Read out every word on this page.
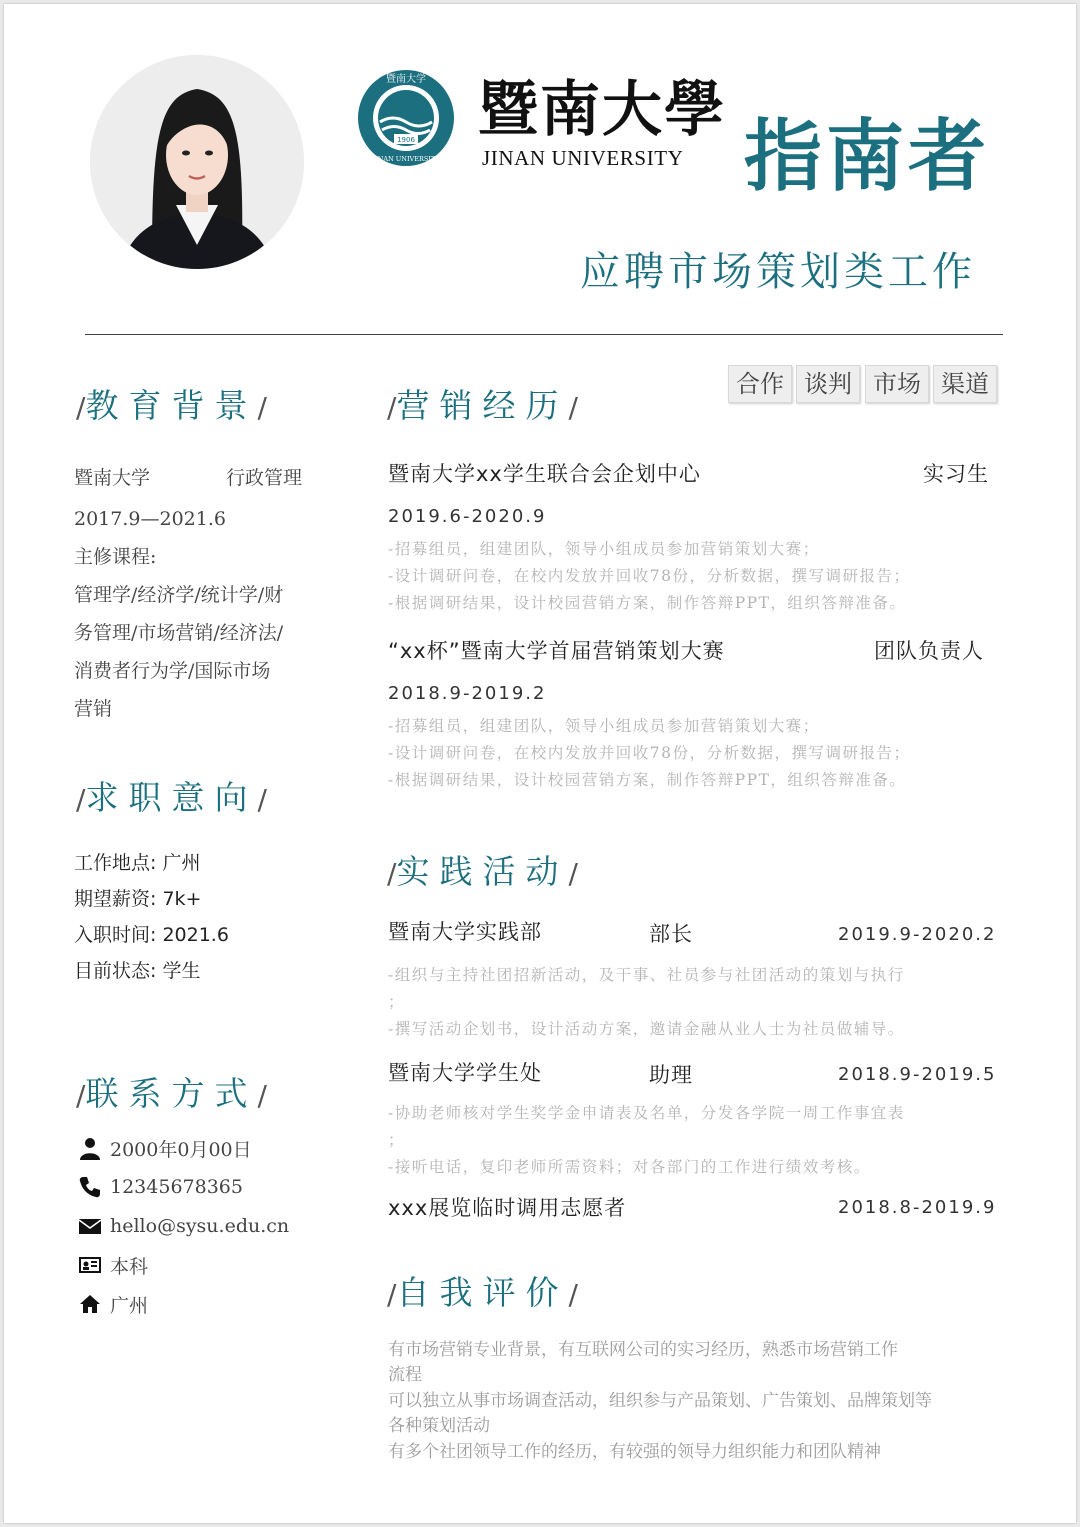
1906
暨南大学
JINAN UNIVERSITY
暨南大學
JINAN UNIVERSITY 指南者
应聘市场策划类工作
/教育背景/
暨南大学	行政管理
2017.9—2021.6
主修课程:
管理学/经济学/统计学/财
务管理/市场营销/经济法/
消费者行为学/国际市场
营销
/求职意向/
工作地点: 广州
期望薪资: 7k+
入职时间: 2021.6
目前状态: 学生
/联系方式/
2000年0月00日
12345678365
hello@sysu.edu.cn
本科
广州
合作 谈判 市场 渠道
/营销经历/
暨南大学xx学生联合会企划中心	实习生
2019.6-2020.9
-招募组员，组建团队，领导小组成员参加营销策划大赛；
-设计调研问卷，在校内发放并回收78份，分析数据，撰写调研报告；
-根据调研结果，设计校园营销方案，制作答辩PPT，组织答辩准备。
“xx杯”暨南大学首届营销策划大赛	团队负责人
2018.9-2019.2
-招募组员，组建团队，领导小组成员参加营销策划大赛；
-设计调研问卷，在校内发放并回收78份，分析数据，撰写调研报告；
-根据调研结果，设计校园营销方案，制作答辩PPT，组织答辩准备。
/实践活动/
暨南大学实践部	部长	2019.9-2020.2
-组织与主持社团招新活动，及干事、社员参与社团活动的策划与执行
；
-撰写活动企划书，设计活动方案，邀请金融从业人士为社员做辅导。
暨南大学学生处	助理	2018.9-2019.5
-协助老师核对学生奖学金申请表及名单，分发各学院一周工作事宜表
；
-接听电话，复印老师所需资料；对各部门的工作进行绩效考核。
xxx展览临时调用志愿者	2018.8-2019.9
/自我评价/
有市场营销专业背景，有互联网公司的实习经历，熟悉市场营销工作
流程
可以独立从事市场调查活动，组织参与产品策划、广告策划、品牌策划等
各种策划活动
有多个社团领导工作的经历，有较强的领导力组织能力和团队精神
